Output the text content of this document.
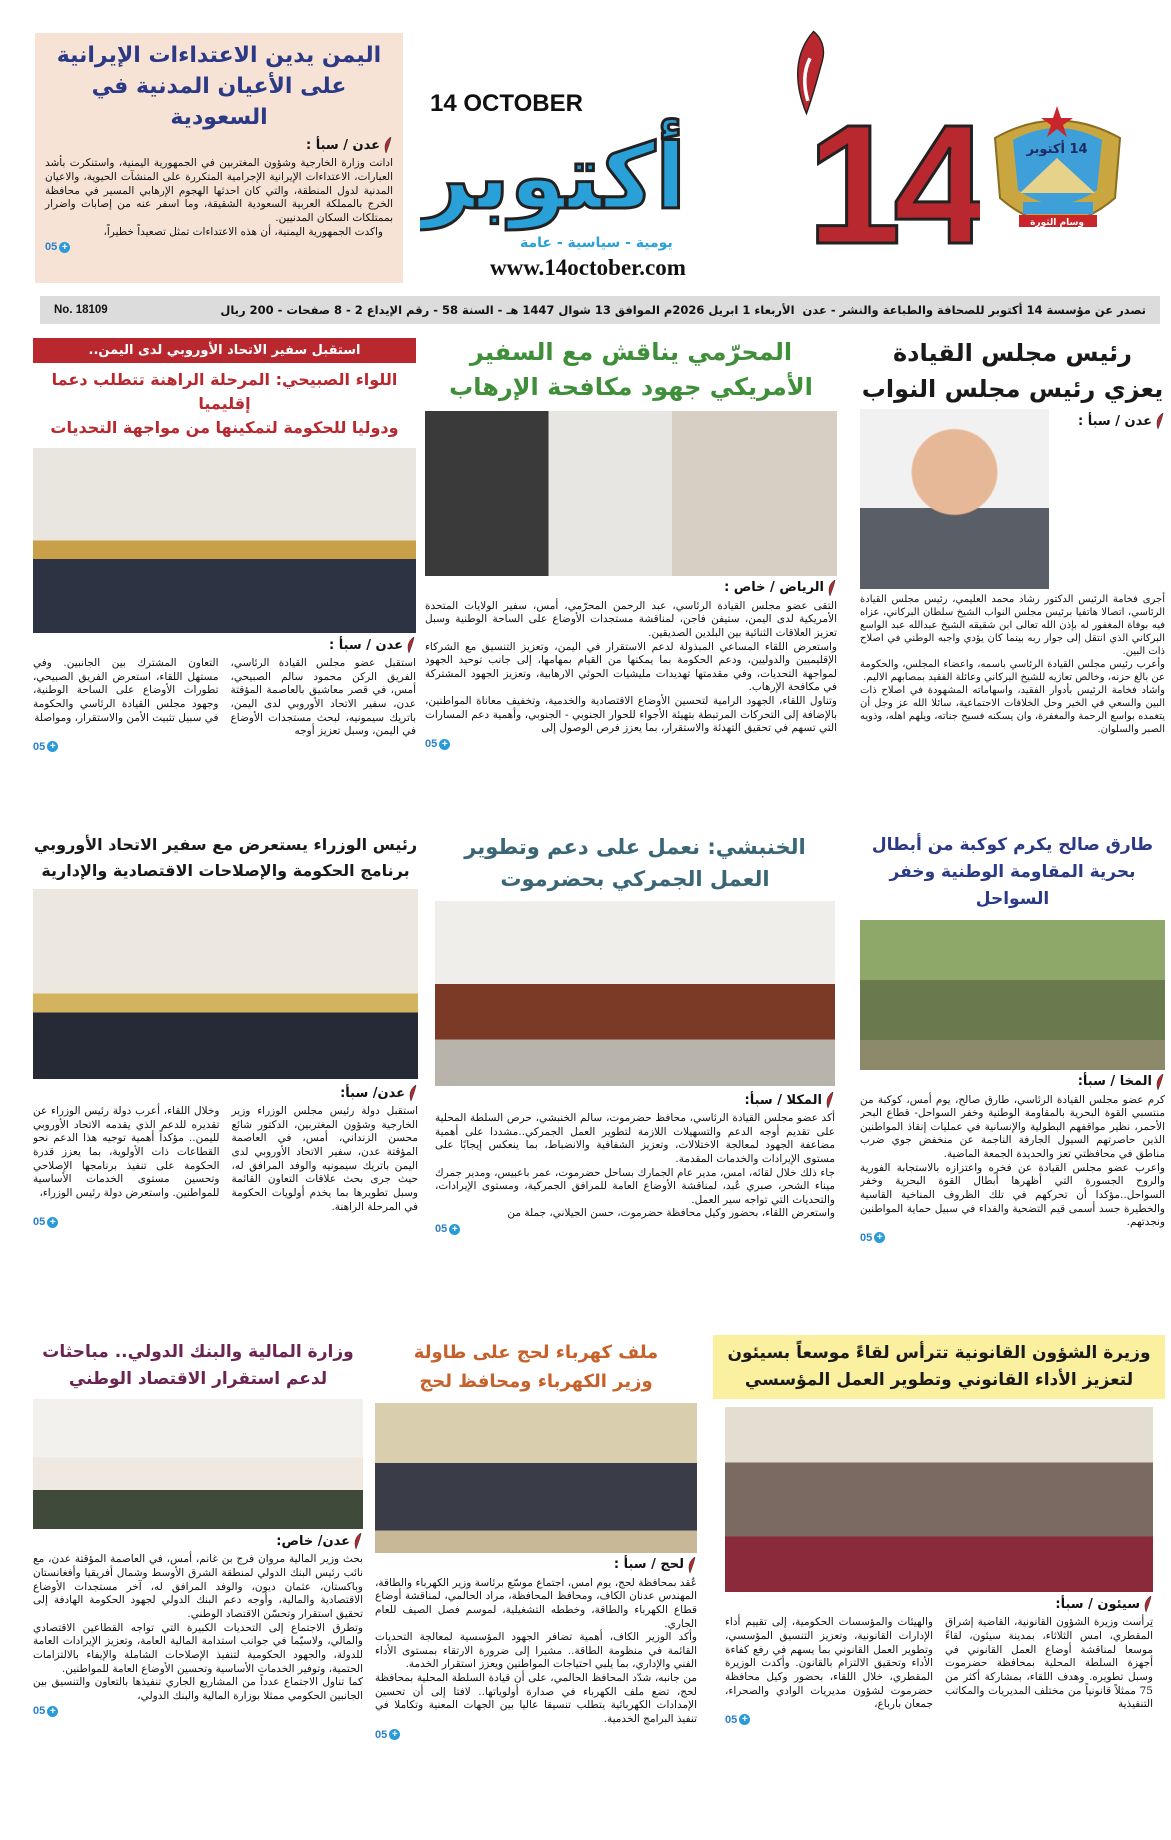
14 أكتوبر
وسام الثورة
14 OCTOBER 14
أكتوبر
يومية - سياسية - عامة
www.14october.com
تصدر عن مؤسسة 14 أكتوبر للصحافة والطباعة والنشر - عدن  الأربعاء 1 ابريل 2026م الموافق 13 شوال 1447 هـ - السنة 58 - رقم الإيداع 2 - 8 صفحات - 200 ريال
No. 18109
اليمن يدين الاعتداءات الإيرانية
على الأعيان المدنية في السعودية
عدن / سبأ :

ادانت وزارة الخارجية وشؤون المغتربين في الجمهورية اليمنية، واستنكرت بأشد العبارات، الاعتداءات الإيرانية الإجرامية المتكررة على المنشآت الحيوية، والاعيان المدنية لدول المنطقة، والتي كان احدثها الهجوم الإرهابي المسير في محافظة الخرج بالمملكة العربية السعودية الشقيقة، وما اسفر عنه من إصابات واضرار بممتلكات السكان المدنيين.

واكدت الجمهورية اليمنية، أن هذه الاعتداءات تمثل تصعيداً خطيراً،

05 +
رئيس مجلس القيادة
يعزي رئيس مجلس النواب
عدن / سبأ :

أجرى فخامة الرئيس الدكتور رشاد محمد العليمي، رئيس مجلس القيادة الرئاسي، اتصالا هاتفيا برئيس مجلس النواب الشيخ سلطان البركاني، عزاه فيه بوفاة المغفور له بإذن الله تعالى ابن شقيقه الشيخ عبدالله عبد الواسع البركاني الذي انتقل إلى جوار ربه بينما كان يؤدي واجبه الوطني في اصلاح ذات البين.

وأعرب رئيس مجلس القيادة الرئاسي باسمه، واعضاء المجلس، والحكومة عن بالغ حزنه، وخالص تعازيه للشيخ البركاني وعائلة الفقيد بمصابهم الاليم.

واشاد فخامة الرئيس بأدوار الفقيد، واسهاماته المشهودة في اصلاح ذات البين والسعي في الخير وحل الخلافات الاجتماعية، سائلا الله عز وجل أن يتغمده بواسع الرحمة والمغفرة، وان يسكنه فسيح جناته، ويلهم اهله، وذويه الصبر والسلوان.

المحرّمي يناقش مع السفير
الأمريكي جهود مكافحة الإرهاب
الرياض / خاص :

التقى عضو مجلس القيادة الرئاسي، عبد الرحمن المحرّمي، أمس، سفير الولايات المتحدة الأمريكية لدى اليمن، ستيفن فاجن، لمناقشة مستجدات الأوضاع على الساحة الوطنية وسبل تعزيز العلاقات الثنائية بين البلدين الصديقين.

واستعرض اللقاء المساعي المبذولة لدعم الاستقرار في اليمن، وتعزيز التنسيق مع الشركاء الإقليميين والدوليين، ودعم الحكومة بما يمكنها من القيام بمهامها، إلى جانب توحيد الجهود لمواجهة التحديات، وفي مقدمتها تهديدات مليشيات الحوثي الارهابية، وتعزيز الجهود المشتركة في مكافحة الإرهاب.

وتناول اللقاء، الجهود الرامية لتحسين الأوضاع الاقتصادية والخدمية، وتخفيف معاناة المواطنين، بالإضافة إلى التحركات المرتبطة بتهيئة الأجواء للحوار الجنوبي - الجنوبي، وأهمية دعم المسارات التي تسهم في تحقيق التهدئة والاستقرار، بما يعزز فرص الوصول إلى

05 +
استقبل سفير الاتحاد الأوروبي لدى اليمن..
اللواء الصبيحي: المرحلة الراهنة تتطلب دعما إقليميا
ودوليا للحكومة لتمكينها من مواجهة التحديات
عدن / سبأ :

استقبل عضو مجلس القيادة الرئاسي، الفريق الركن محمود سالم الصبيحي، أمس، في قصر معاشيق بالعاصمة المؤقتة عدن، سفير الاتحاد الأوروبي لدى اليمن، باتريك سيمونيه، لبحث مستجدات الأوضاع في اليمن، وسبل تعزيز أوجه

التعاون المشترك بين الجانبين. وفي مستهل اللقاء، استعرض الفريق الصبيحي، تطورات الأوضاع على الساحة الوطنية، وجهود مجلس القيادة الرئاسي والحكومة في سبيل تثبيت الأمن والاستقرار، ومواصلة

05 +
طارق صالح يكرم كوكبة من أبطال
بحرية المقاومة الوطنية وخفر السواحل
المخا / سبأ:

كرم عضو مجلس القيادة الرئاسي، طارق صالح، يوم أمس، كوكبة من منتسبي القوة البحرية بالمقاومة الوطنية وخفر السواحل- قطاع البحر الأحمر، نظير مواقفهم البطولية والإنسانية في عمليات إنقاذ المواطنين الذين حاصرتهم السيول الجارفة الناجمة عن منخفض جوي ضرب مناطق في محافظتي تعز والحديدة الجمعة الماضية.

واعرب عضو مجلس القيادة عن فخره واعتزازه بالاستجابة الفورية والروح الجسورة التي أظهرها أبطال القوة البحرية وخفر السواحل..مؤكدا أن تحركهم في تلك الظروف المناخية القاسية والخطيرة جسد أسمى قيم التضحية والفداء في سبيل حماية المواطنين ونجدتهم.

05 +
الخنبشي: نعمل على دعم وتطوير
العمل الجمركي بحضرموت
المكلا / سبأ:

أكد عضو مجلس القيادة الرئاسي، محافظ حضرموت، سالم الخنبشي، حرص السلطة المحلية على تقديم أوجه الدعم والتسهيلات اللازمة لتطوير العمل الجمركي..مشددا على أهمية مضاعفة الجهود لمعالجة الاختلالات، وتعزيز الشفافية والانضباط، بما ينعكس إيجابًا على مستوى الإيرادات والخدمات المقدمة.

جاء ذلك خلال لقائه، امس، مدير عام الجمارك بساحل حضرموت، عمر باعبيس، ومدير جمرك ميناء الشحر، صبري عُبد، لمناقشة الأوضاع العامة للمرافق الجمركية، ومستوى الإيرادات، والتحديات التي تواجه سير العمل.

واستعرض اللقاء، بحضور وكيل محافظة حضرموت، حسن الجيلاني، جملة من

05 +
رئيس الوزراء يستعرض مع سفير الاتحاد الأوروبي
برنامج الحكومة والإصلاحات الاقتصادية والإدارية
عدن/ سبأ:

استقبل دولة رئيس مجلس الوزراء وزير الخارجية وشؤون المغتربين، الدكتور شائع محسن الزنداني، أمس، في العاصمة المؤقتة عدن، سفير الاتحاد الأوروبي لدى اليمن باتريك سيمونيه والوفد المرافق له، حيث جرى بحث علاقات التعاون القائمة وسبل تطويرها بما يخدم أولويات الحكومة في المرحلة الراهنة.

وخلال اللقاء، أعرب دولة رئيس الوزراء عن تقديره للدعم الذي يقدمه الاتحاد الأوروبي لليمن.. مؤكداً أهمية توجيه هذا الدعم نحو القطاعات ذات الأولوية، بما يعزز قدرة الحكومة على تنفيذ برنامجها الإصلاحي وتحسين مستوى الخدمات الأساسية للمواطنين. واستعرض دولة رئيس الوزراء،

05 +
وزيرة الشؤون القانونية تترأس لقاءً موسعاً بسيئون
لتعزيز الأداء القانوني وتطوير العمل المؤسسي
سيئون / سبأ:

تِرأست وزيرة الشؤون القانونية، القاضية إشراق المقطري، امس الثلاثاء، بمدينة سيئون، لقاءً موسعا لمناقشة أوضاع العمل القانوني في أجهزة السلطة المحلية بمحافظة حضرموت وسبل تطويره. وهدف اللقاء، بمشاركة أكثر من 75 ممثلاً قانونياً من مختلف المديريات والمكاتب التنفيذية

والهيئات والمؤسسات الحكومية، إلى تقييم أداء الإدارات القانونية، وتعزيز التنسيق المؤسسي، وتطوير العمل القانوني بما يسهم في رفع كفاءة الأداء وتحقيق الالتزام بالقانون. وأكدت الوزيرة المقطري، خلال اللقاء، بحضور وكيل محافظة حضرموت لشؤون مديريات الوادي والصحراء، جمعان بارباع،

05 +
ملف كهرباء لحج على طاولة
وزير الكهرباء ومحافظ لحج
لحج / سبأ :

عُقد بمحافظة لحج، يوم امس، اجتماع موسّع برئاسة وزير الكهرباء والطاقة، المهندس عدنان الكاف، ومحافظ المحافظة، مراد الحالمي، لمناقشة أوضاع قطاع الكهرباء والطاقة، وخططه التشغيلية، لموسم فصل الصيف للعام الجاري.

وأكد الوزير الكاف، أهمية تضافر الجهود المؤسسية لمعالجة التحديات القائمة في منظومة الطاقة.. مشيرا إلى ضرورة الارتقاء بمستوى الأداء الفني والإداري، بما يلبي احتياجات المواطنين ويعزز استقرار الخدمة.

من جانبه، شدّد المحافظ الحالمي، على أن قيادة السلطة المحلية بمحافظة لحج، تضع ملف الكهرباء في صدارة أولوياتها.. لافتا إلى أن تحسين الإمدادات الكهربائية يتطلب تنسيقا عاليا بين الجهات المعنية وتكاملا في تنفيذ البرامج الخدمية.

05 +
وزارة المالية والبنك الدولي.. مباحثات
لدعم استقرار الاقتصاد الوطني
عدن/ خاص:

بحث وزير المالية مروان فرج بن غانم، أمس، في العاصمة المؤقتة عدن، مع نائب رئيس البنك الدولي لمنطقة الشرق الأوسط وشمال أفريقيا وأفغانستان وباكستان، عثمان ديون، والوفد المرافق له، آخر مستجدات الأوضاع الاقتصادية والمالية، وأوجه دعم البنك الدولي لجهود الحكومة الهادفة إلى تحقيق استقرار وتحسّن الاقتصاد الوطني.

وتطرق الاجتماع إلى التحديات الكبيرة التي تواجه القطاعين الاقتصادي والمالي، ولاسيّما في جوانب استدامة المالية العامة، وتعزيز الإيرادات العامة للدولة، والجهود الحكومية لتنفيذ الإصلاحات الشاملة والإيفاء بالالتزامات الحتمية، وتوفير الخدمات الأساسية وتحسين الأوضاع العامة للمواطنين.

كما تناول الاجتماع عدداً من المشاريع الجاري تنفيذها بالتعاون والتنسيق بين الجانبين الحكومي ممثلا بوزارة المالية والبنك الدولي،

05 +
